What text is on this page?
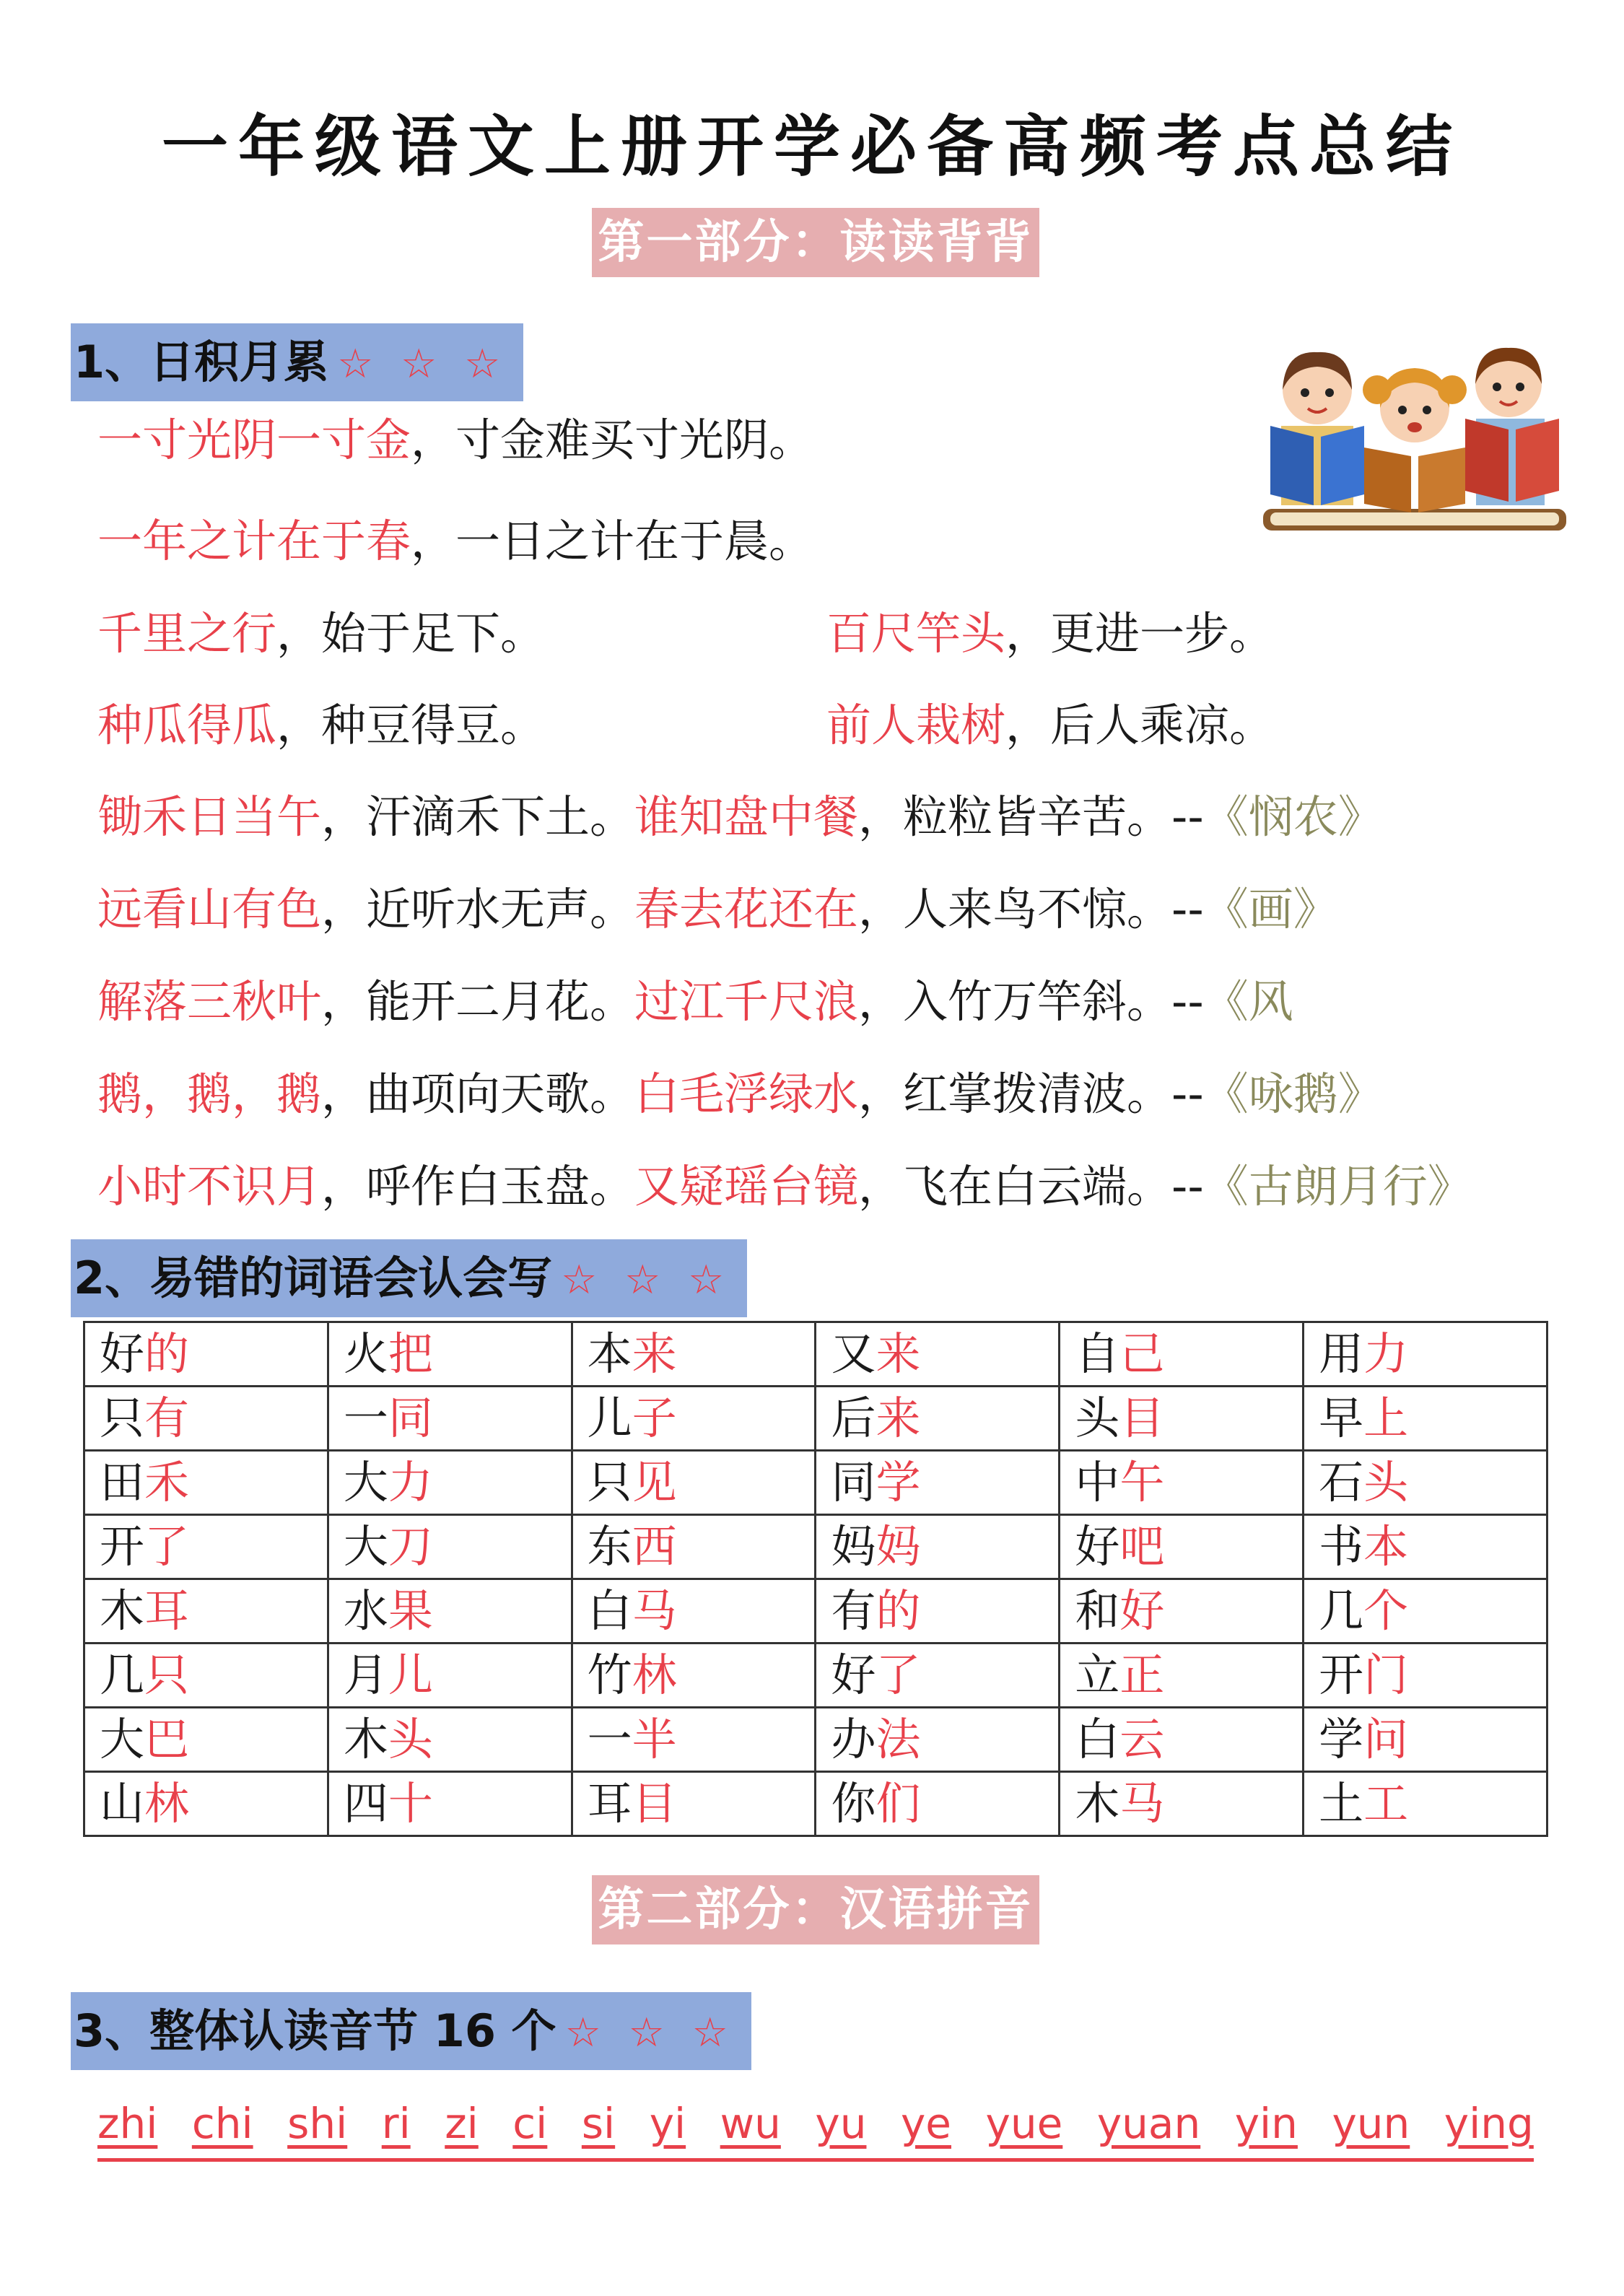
一年级语文上册开学必备高频考点总结
第一部分：读读背背
1、日积月累 ☆ ☆ ☆
一寸光阴一寸金，寸金难买寸光阴。
一年之计在于春，一日之计在于晨。
千里之行，始于足下。	百尺竿头，更进一步。
种瓜得瓜，种豆得豆。	前人栽树，后人乘凉。
锄禾日当午，汗滴禾下土。谁知盘中餐，粒粒皆辛苦。--《悯农》
远看山有色，近听水无声。春去花还在，人来鸟不惊。--《画》
解落三秋叶，能开二月花。过江千尺浪，入竹万竿斜。--《风
鹅，鹅，鹅，曲项向天歌。白毛浮绿水，红掌拨清波。--《咏鹅》
小时不识月，呼作白玉盘。又疑瑶台镜，飞在白云端。--《古朗月行》
2、易错的词语会认会写 ☆ ☆ ☆
好的	火把	本来	又来	自己	用力
只有	一同	儿子	后来	头目	早上
田禾	大力	只见	同学	中午	石头
开了	大刀	东西	妈妈	好吧	书本
木耳	水果	白马	有的	和好	几个
几只	月儿	竹林	好了	立正	开门
大巴	木头	一半	办法	白云	学问
山林	四十	耳目	你们	木马	土工
第二部分：汉语拼音
3、整体认读音节 16 个 ☆ ☆ ☆
zhi chi shi ri zi ci si yi wu yu ye yue yuan yin yun ying
